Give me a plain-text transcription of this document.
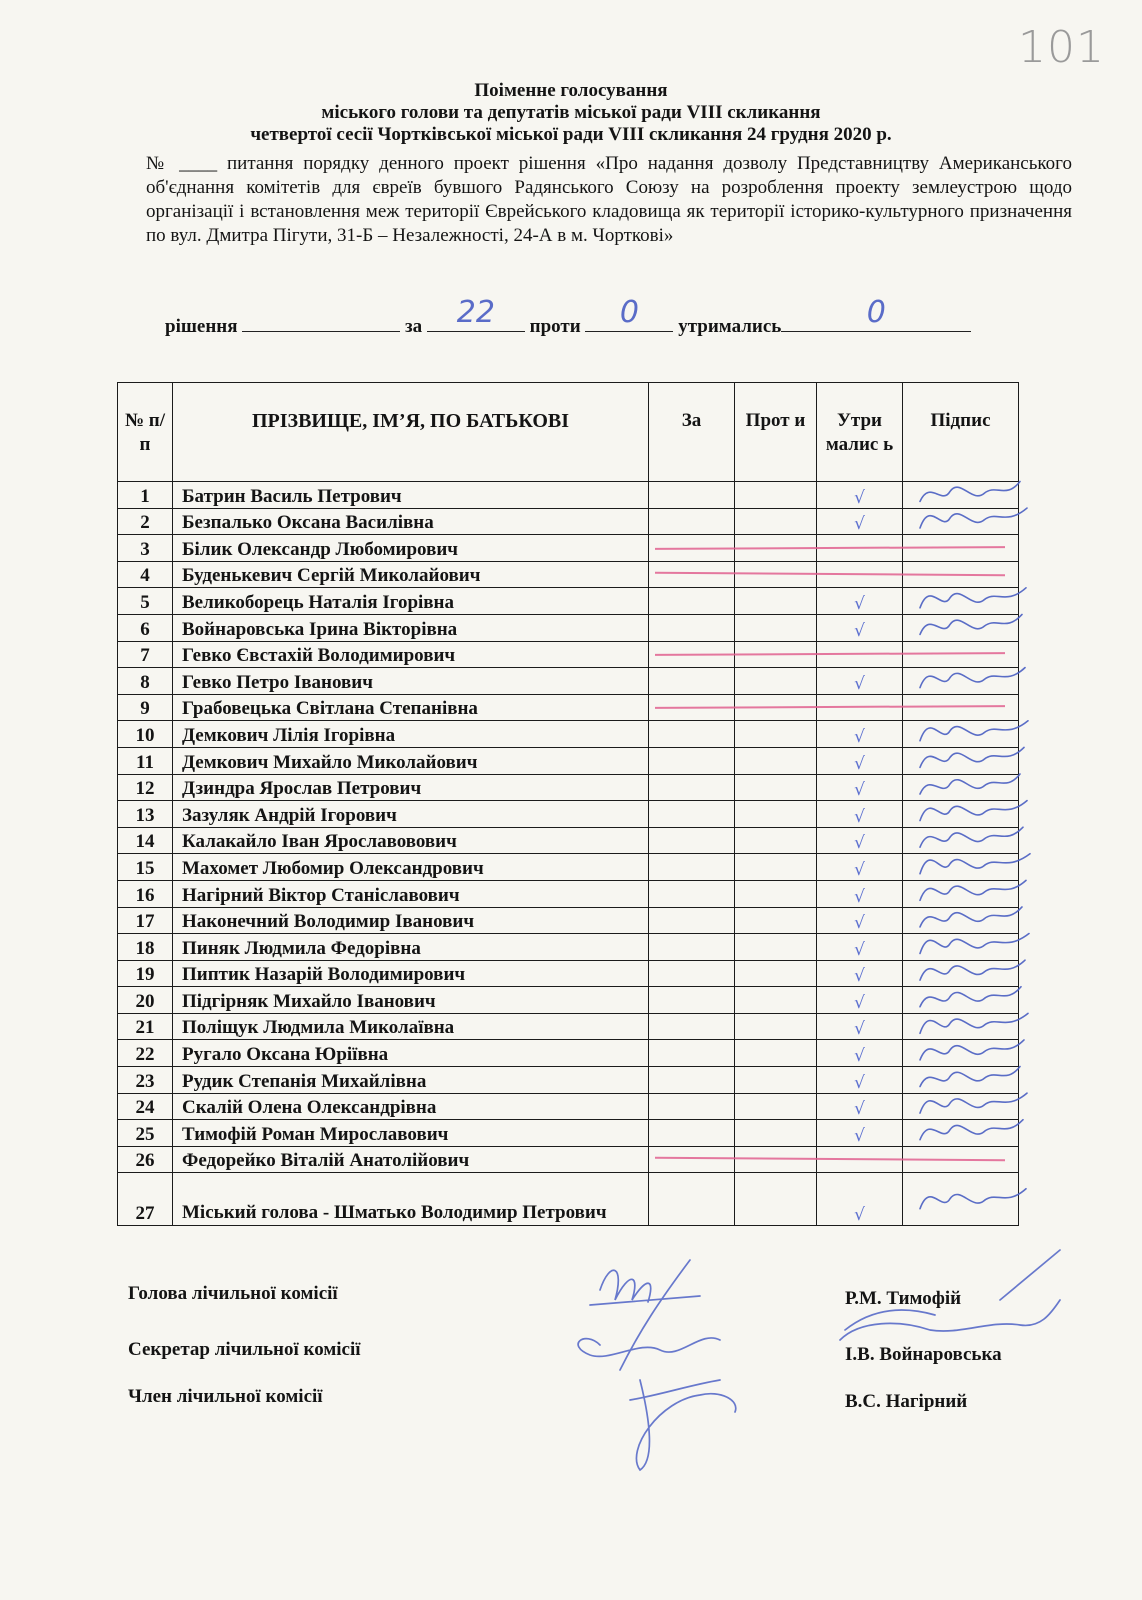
101
Поіменне голосування
міського голови та депутатів міської ради VIII скликання
четвертої сесії Чортківської міської ради VIII скликання 24 грудня 2020 р.
№ ____ питання порядку денного проект рішення «Про надання дозволу Представництву Американського об'єднання комітетів для євреїв бувшого Радянського Союзу на розроблення проекту землеустрою щодо організації і встановлення меж території Єврейського кладовища як території історико-культурного призначення по вул. Дмитра Пігути, 31-Б – Незалежності, 24-А в м. Чорткові»
рішення	за	22	проти	0	утримались	0
№ п/п	ПРІЗВИЩЕ, ІМ’Я, ПО БАТЬКОВІ	За	Прот и	Утри малис ь	Підпис
1	Батрин Василь Петрович			√	
2	Безпалько Оксана Василівна			√	
3	Білик Олександр Любомирович				
4	Буденькевич Сергій Миколайович				
5	Великоборець Наталія Ігорівна			√	
6	Войнаровська Ірина Вікторівна			√	
7	Гевко Євстахій Володимирович				
8	Гевко Петро Іванович			√	
9	Грабовецька Світлана Степанівна				
10	Демкович Лілія Ігорівна			√	
11	Демкович Михайло Миколайович			√	
12	Дзиндра Ярослав Петрович			√	
13	Зазуляк Андрій Ігорович			√	
14	Калакайло Іван Ярославовович			√	
15	Махомет Любомир Олександрович			√	
16	Нагірний Віктор Станіславович			√	
17	Наконечний Володимир Іванович			√	
18	Пиняк Людмила Федорівна			√	
19	Пиптик Назарій Володимирович			√	
20	Підгірняк Михайло Іванович			√	
21	Поліщук Людмила Миколаївна			√	
22	Ругало Оксана Юріївна			√	
23	Рудик Степанія Михайлівна			√	
24	Скалій Олена Олександрівна			√	
25	Тимофій Роман Мирославович			√	
26	Федорейко Віталій Анатолійович				
27	Міський голова - Шматько Володимир Петрович			√	
Голова лічильної комісії	Р.М. Тимофій
Секретар лічильної комісії	І.В. Войнаровська
Член лічильної комісії	В.С. Нагірний
